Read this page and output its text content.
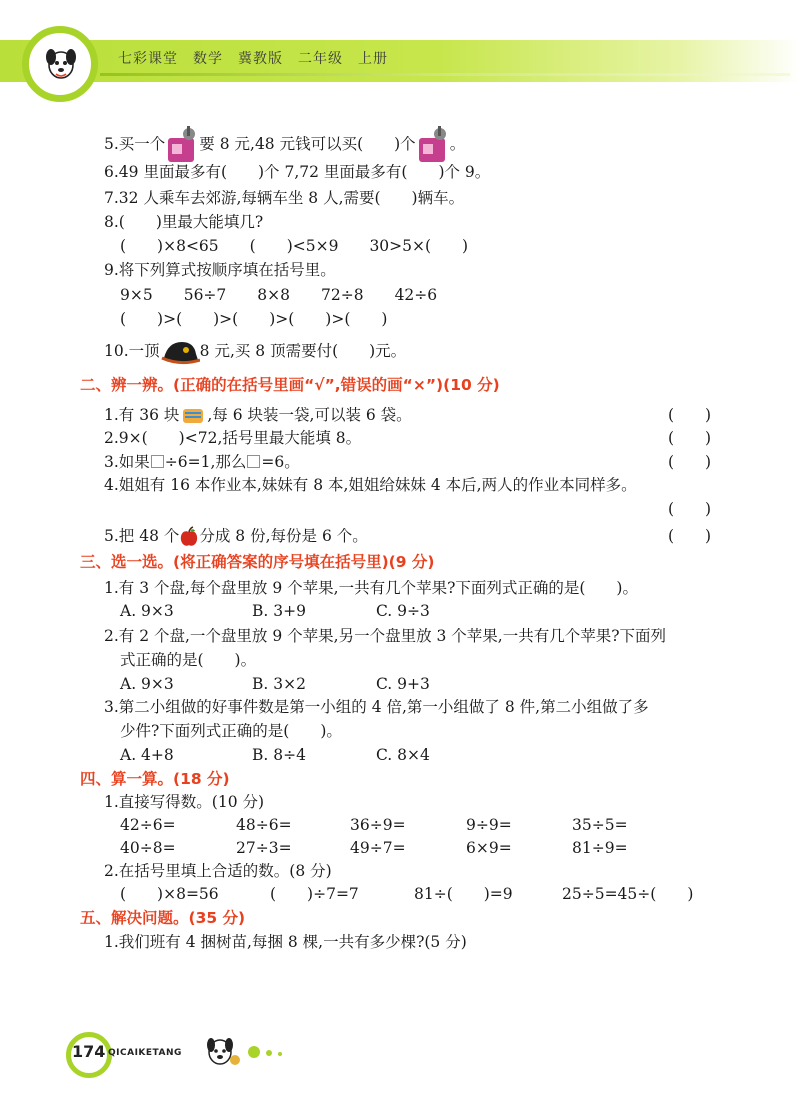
七彩课堂　数学　冀教版　二年级　上册
5.买一个 要 8 元,48 元钱可以买(　　)个 。
6.49 里面最多有(　　)个 7,72 里面最多有(　　)个 9。
7.32 人乘车去郊游,每辆车坐 8 人,需要(　　)辆车。
8.(　　)里最大能填几?
(　　)×8<65　　(　　)<5×9　　30>5×(　　)
9.将下列算式按顺序填在括号里。
9×5　　56÷7　　8×8　　72÷8　　42÷6
(　　)>(　　)>(　　)>(　　)>(　　)
10.一顶	8 元,买 8 顶需要付(　　)元。
二、辨一辨。(正确的在括号里画“√”,错误的画“×”)(10 分)
1.有 36 块 ,每 6 块装一袋,可以装 6 袋。	(　　)
2.9×(　　)<72,括号里最大能填 8。	(　　)
3.如果 ÷6=1,那么 =6。	(　　)
4.姐姐有 16 本作业本,妹妹有 8 本,姐姐给妹妹 4 本后,两人的作业本同样多。
(　　)
5.把 48 个 分成 8 份,每份是 6 个。	(　　)
三、选一选。(将正确答案的序号填在括号里)(9 分)
1.有 3 个盘,每个盘里放 9 个苹果,一共有几个苹果?下面列式正确的是(　　)。
A. 9×3	B. 3+9	C. 9÷3
2.有 2 个盘,一个盘里放 9 个苹果,另一个盘里放 3 个苹果,一共有几个苹果?下面列
式正确的是(　　)。
A. 9×3	B. 3×2	C. 9+3
3.第二小组做的好事件数是第一小组的 4 倍,第一小组做了 8 件,第二小组做了多
少件?下面列式正确的是(　　)。
A. 4+8	B. 8÷4	C. 8×4
四、算一算。(18 分)
1.直接写得数。(10 分)
42÷6=	48÷6=	36÷9=	9÷9=	35÷5=
40÷8=	27÷3=	49÷7=	6×9=	81÷9=
2.在括号里填上合适的数。(8 分)
(　　)×8=56	(　　)÷7=7	81÷(　　)=9	25÷5=45÷(　　)
五、解决问题。(35 分)
1.我们班有 4 捆树苗,每捆 8 棵,一共有多少棵?(5 分)
174 QICAIKETANG
